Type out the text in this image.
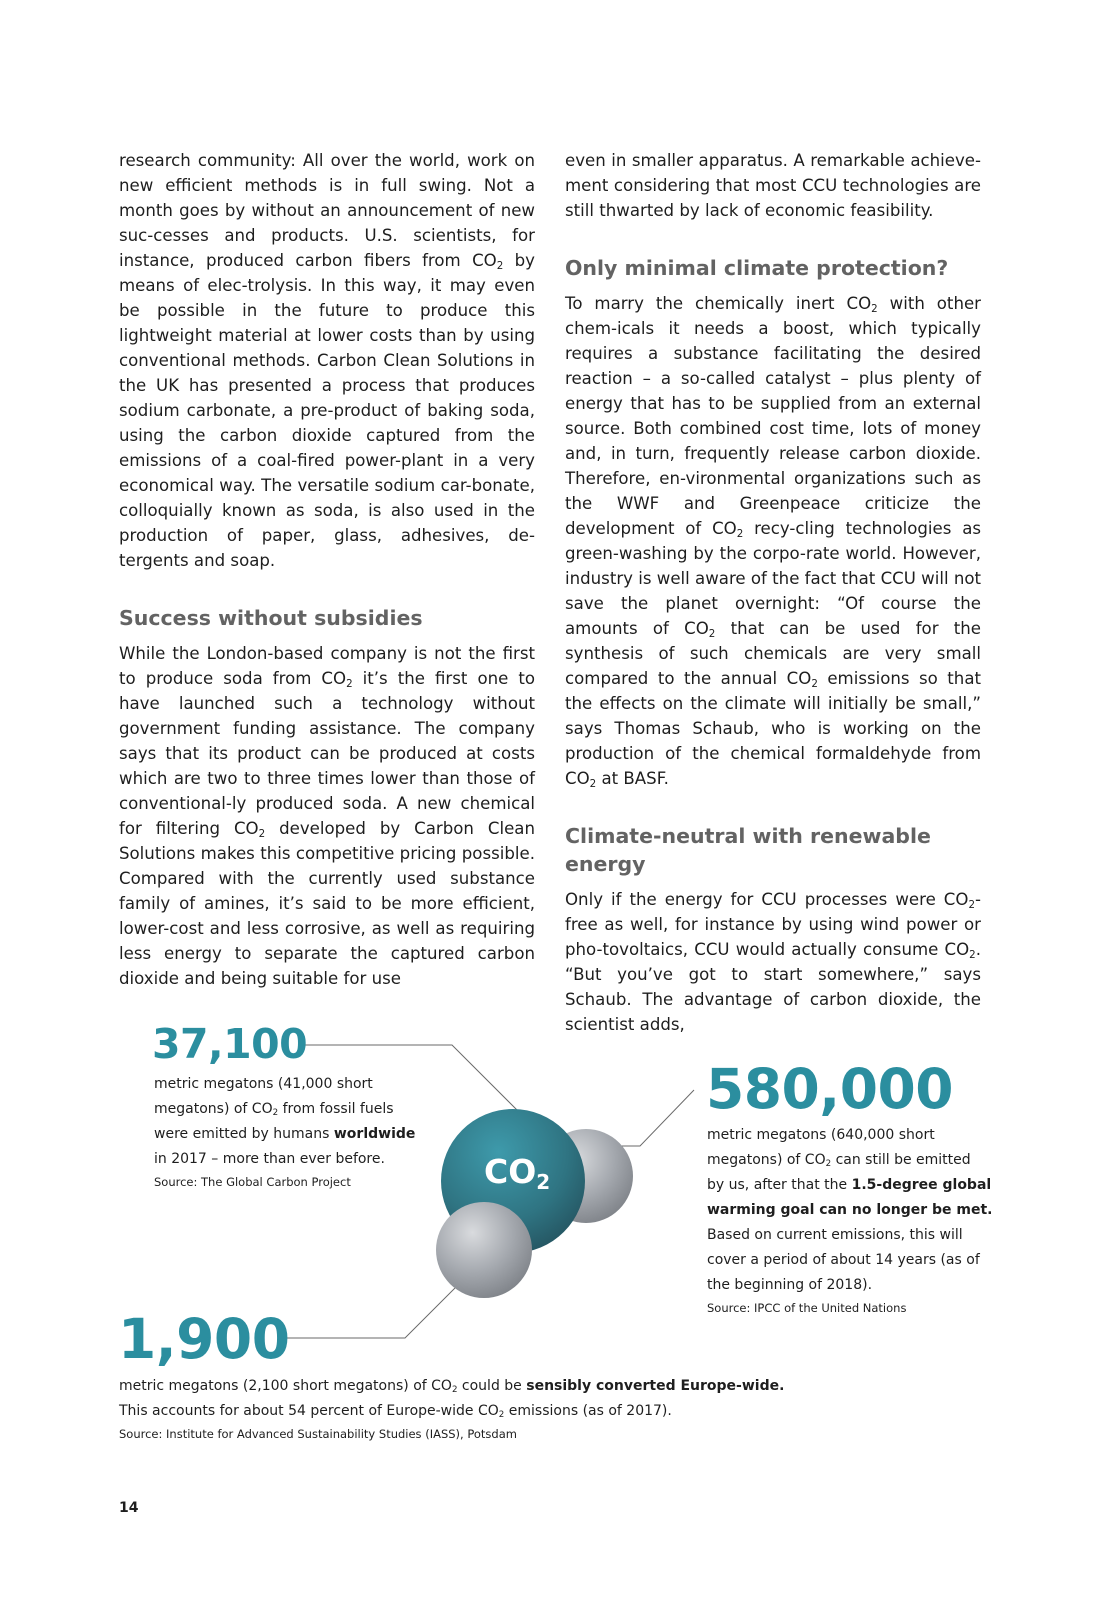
research community: All over the world, work on new efficient methods is in full swing. Not a month goes by without an announcement of new suc-cesses and products. U.S. scientists, for instance, produced carbon fibers from $CO_2$ by means of elec-trolysis. In this way, it may even be possible in the future to produce this lightweight material at lower costs than by using conventional methods. Carbon Clean Solutions in the UK has presented a process that produces sodium carbonate, a pre-product of baking soda, using the carbon dioxide captured from the emissions of a coal-fired power-plant in a very economical way. The versatile sodium car-bonate, colloquially known as soda, is also used in the production of paper, glass, adhesives, de-tergents and soap.

Success without subsidies

While the London-based company is not the first to produce soda from $CO_2$ it’s the first one to have launched such a technology without government funding assistance. The company says that its product can be produced at costs which are two to three times lower than those of conventional-ly produced soda. A new chemical for filtering $CO_2$ developed by Carbon Clean Solutions makes this competitive pricing possible. Compared with the currently used substance family of amines, it’s said to be more efficient, lower-cost and less corrosive, as well as requiring less energy to separate the captured carbon dioxide and being suitable for use

even in smaller apparatus. A remarkable achieve-ment considering that most CCU technologies are still thwarted by lack of economic feasibility.

Only minimal climate protection?

To marry the chemically inert $CO_2$ with other chem-icals it needs a boost, which typically requires a substance facilitating the desired reaction – a so-called catalyst – plus plenty of energy that has to be supplied from an external source. Both combined cost time, lots of money and, in turn, frequently release carbon dioxide. Therefore, en-vironmental organizations such as the WWF and Greenpeace criticize the development of $CO_2$ recy-cling technologies as green-washing by the corpo-rate world. However, industry is well aware of the fact that CCU will not save the planet overnight: “Of course the amounts of $CO_2$ that can be used for the synthesis of such chemicals are very small compared to the annual $CO_2$ emissions so that the effects on the climate will initially be small,” says Thomas Schaub, who is working on the production of the chemical formaldehyde from $CO_2$ at BASF.

Climate-neutral with renewable energy

Only if the energy for CCU processes were $CO_2$-free as well, for instance by using wind power or pho-tovoltaics, CCU would actually consume $CO_2$. “But you’ve got to start somewhere,” says Schaub. The advantage of carbon dioxide, the scientist adds,

CO2
37,100

metric megatons (41,000 short

megatons) of $CO_2$ from fossil fuels

were emitted by humans worldwide

in 2017 – more than ever before.

Source: The Global Carbon Project

580,000

metric megatons (640,000 short

megatons) of $CO_2$ can still be emitted

by us, after that the 1.5-degree global

warming goal can no longer be met.

Based on current emissions, this will

cover a period of about 14 years (as of

the beginning of 2018).

Source: IPCC of the United Nations

1,900

metric megatons (2,100 short megatons) of $CO_2$ could be sensibly converted Europe-wide.

This accounts for about 54 percent of Europe-wide $CO_2$ emissions (as of 2017).

Source: Institute for Advanced Sustainability Studies (IASS), Potsdam

14
